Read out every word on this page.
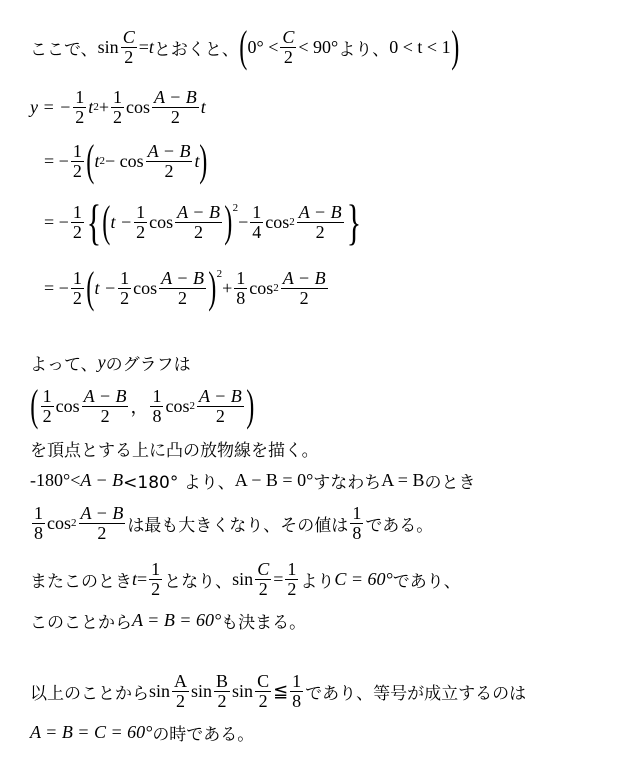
ここで、 $\sin \frac{C}{2} = t$ とおくと、 ( $0^\circ < \frac{C}{2} < 90^\circ$ より、 0 < t < 1 )
y = − $\frac{1}{2}$ t $2 + \frac{1}{2}$ $\cos \frac{A - B}{2}$ t
= − $\frac{1}{2}$ ( t $2 - \cos \frac{A - B}{2}$ t )
= − $\frac{1}{2}$ { ( $t - \frac{1}{2}$ $\cos \frac{A - B}{2} )^2$
− $\frac{1}{4}$ $\cos 2 \frac{A - B}{2}$ }
= − $\frac{1}{2}$ ( $t - \frac{1}{2}$ $\cos \frac{A - B}{2} )^2$
+ $\frac{1}{8}$ $\cos 2 \frac{A - B}{2}$
よって、 y のグラフは
( $\frac{1}{2}$ $\cos \frac{A - B}{2}$ ， $\frac{1}{8}$ $\cos 2 \frac{A - B}{2}$ )
を頂点とする上に凸の放物線を描く。
-180°< A − B <180° より、 A − B = 0° すなわち A = B のとき
$\frac{1}{8}$ $\cos 2 \frac{A - B}{2}$ は最も大きくなり、その値は $\frac{1}{8}$ である。
またこのとき $t = \frac{1}{2}$ となり、 $\sin \frac{C}{2} = \frac{1}{2}$ より C = 60° であり、
このことから A = B = 60° も決まる。
以上のことから $\sin \frac{A}{2}$ $\sin \frac{B}{2}$ $\sin \frac{C}{2}$ ≦ $\frac{1}{8}$ であり、等号が成立するのは
A = B = C = 60° の時である。
